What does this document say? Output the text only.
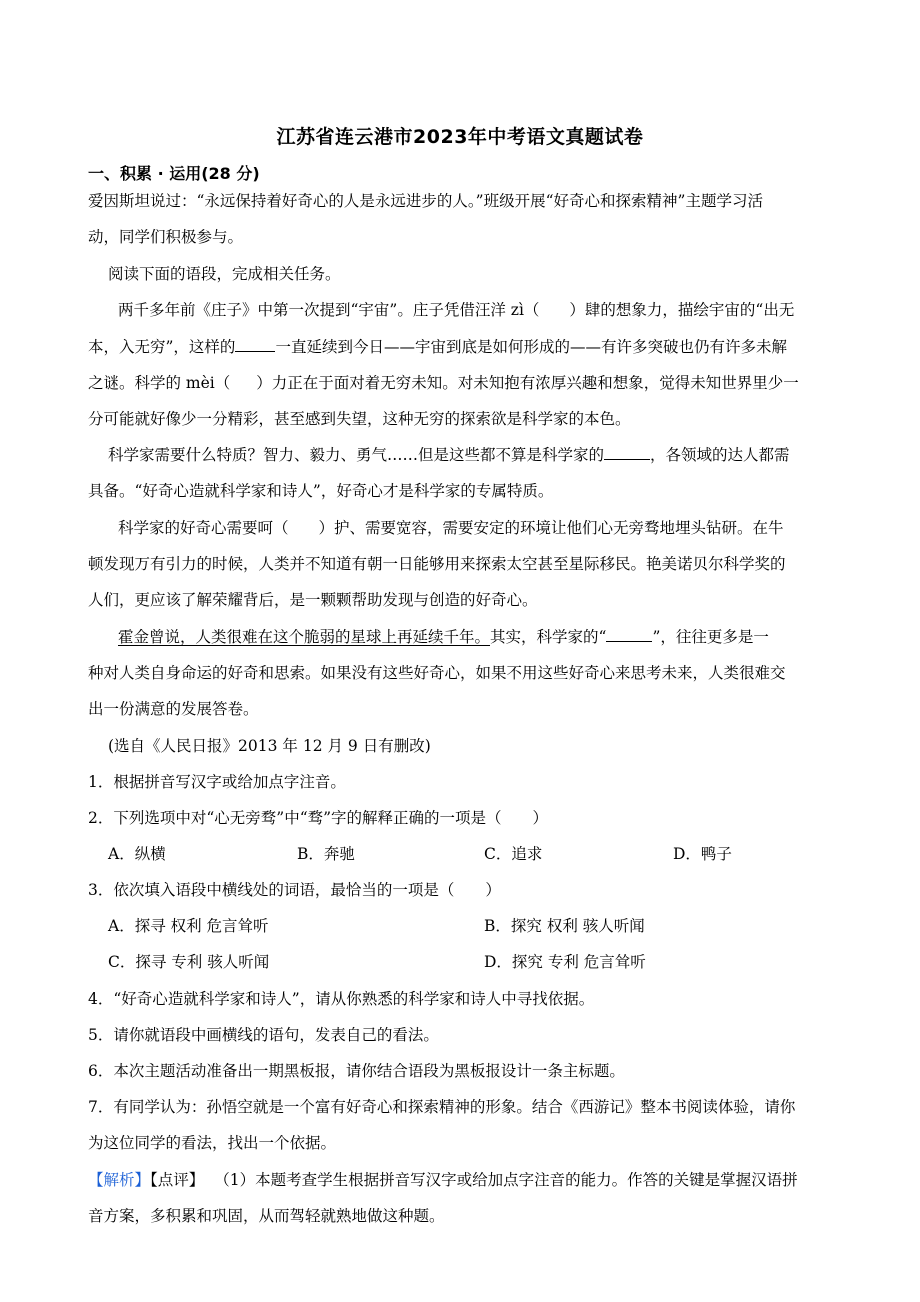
江苏省连云港市2023年中考语文真题试卷
一、积累 · 运用(28 分)
爱因斯坦说过：“永远保持着好奇心的人是永远进步的人。”班级开展“好奇心和探索精神”主题学习活
动，同学们积极参与。
阅读下面的语段，完成相关任务。
两千多年前《庄子》中第一次提到“宇宙”。庄子凭借汪洋 zì（ ）肆的想象力，描绘宇宙的“出无
本，入无穷”，这样的	一直延续到今日——宇宙到底是如何形成的——有许多突破也仍有许多未解
之谜。科学的 mèi（ ）力正在于面对着无穷未知。对未知抱有浓厚兴趣和想象，觉得未知世界里少一
分可能就好像少一分精彩，甚至感到失望，这种无穷的探索欲是科学家的本色。
科学家需要什么特质？智力、毅力、勇气……但是这些都不算是科学家的	，各领域的达人都需
具备。“好奇心造就科学家和诗人”，好奇心才是科学家的专属特质。
科学家的好奇心需要呵（ ）护、需要宽容，需要安定的环境让他们心无旁骛地埋头钻研。在牛
顿发现万有引力的时候，人类并不知道有朝一日能够用来探索太空甚至星际移民。艳美诺贝尔科学奖的
人们，更应该了解荣耀背后，是一颗颗帮助发现与创造的好奇心。
霍金曾说，人类很难在这个脆弱的星球上再延续千年。其实，科学家的“	”，往往更多是一
种对人类自身命运的好奇和思索。如果没有这些好奇心，如果不用这些好奇心来思考未来，人类很难交
出一份满意的发展答卷。
(选自《人民日报》2013 年 12 月 9 日有删改)
1．根据拼音写汉字或给加点字注音。
2．下列选项中对“心无旁骛”中“骛”字的解释正确的一项是（　　）
A．纵横	B．奔驰	C．追求	D．鸭子
3．依次填入语段中横线处的词语，最恰当的一项是（　　）
A．探寻 权利 危言耸听	B．探究 权利 骇人听闻
C．探寻 专利 骇人听闻	D．探究 专利 危言耸听
4．“好奇心造就科学家和诗人”，请从你熟悉的科学家和诗人中寻找依据。
5．请你就语段中画横线的语句，发表自己的看法。
6．本次主题活动准备出一期黑板报，请你结合语段为黑板报设计一条主标题。
7．有同学认为：孙悟空就是一个富有好奇心和探索精神的形象。结合《西游记》整本书阅读体验，请你
为这位同学的看法，找出一个依据。
【解析】【点评】 （1）本题考查学生根据拼音写汉字或给加点字注音的能力。作答的关键是掌握汉语拼
音方案，多积累和巩固，从而驾轻就熟地做这种题。
